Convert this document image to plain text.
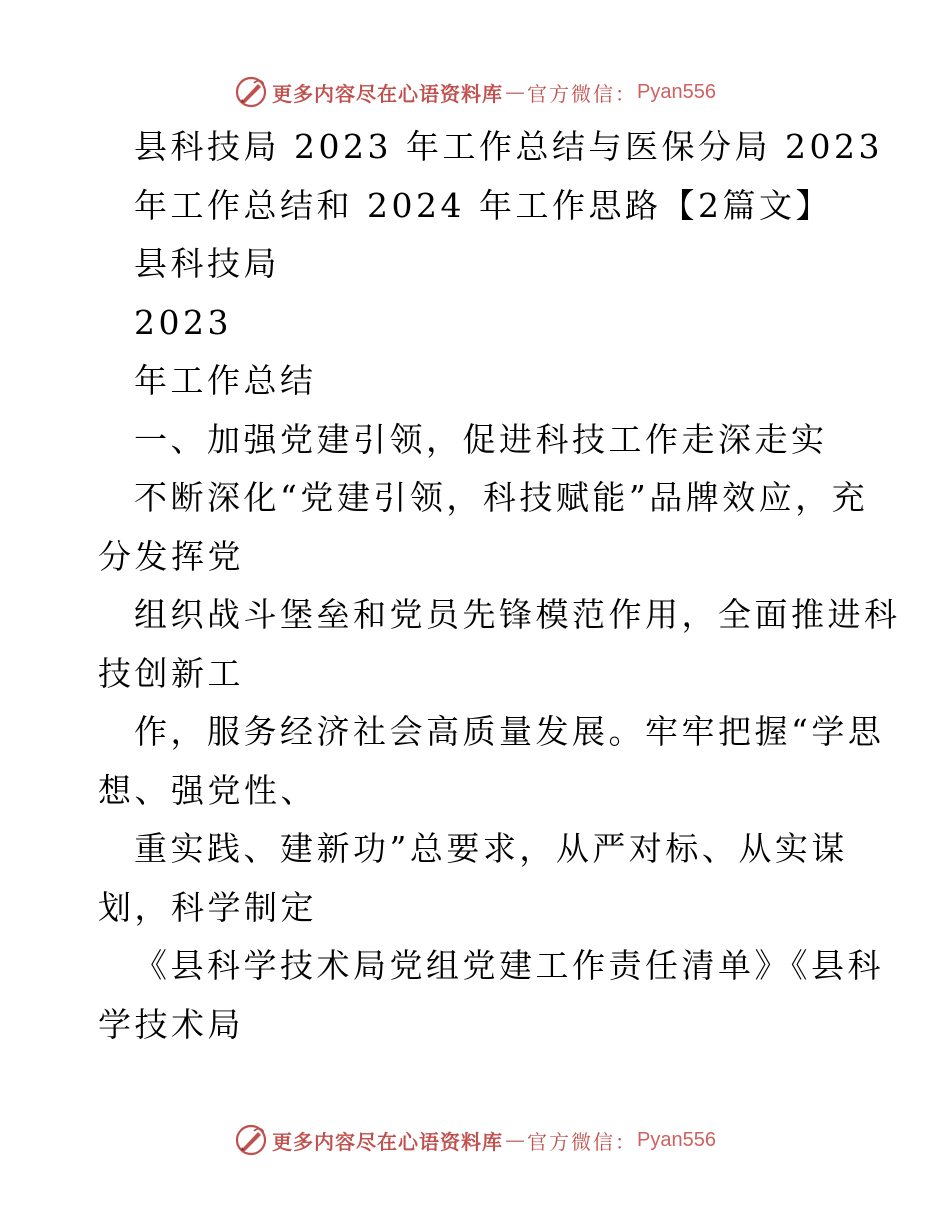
更多内容尽在心语资料库 — 官方微信： Pyan556
县科技局 2023 年工作总结与医保分局 2023
年工作总结和 2024 年工作思路【2篇文】
县科技局
2023
年工作总结
一、加强党建引领，促进科技工作走深走实
不断深化“党建引领，科技赋能”品牌效应，充
分发挥党
组织战斗堡垒和党员先锋模范作用，全面推进科
技创新工
作，服务经济社会高质量发展。牢牢把握“学思
想、强党性、
重实践、建新功”总要求，从严对标、从实谋
划，科学制定
《县科学技术局党组党建工作责任清单》《县科
学技术局
更多内容尽在心语资料库 — 官方微信： Pyan556
